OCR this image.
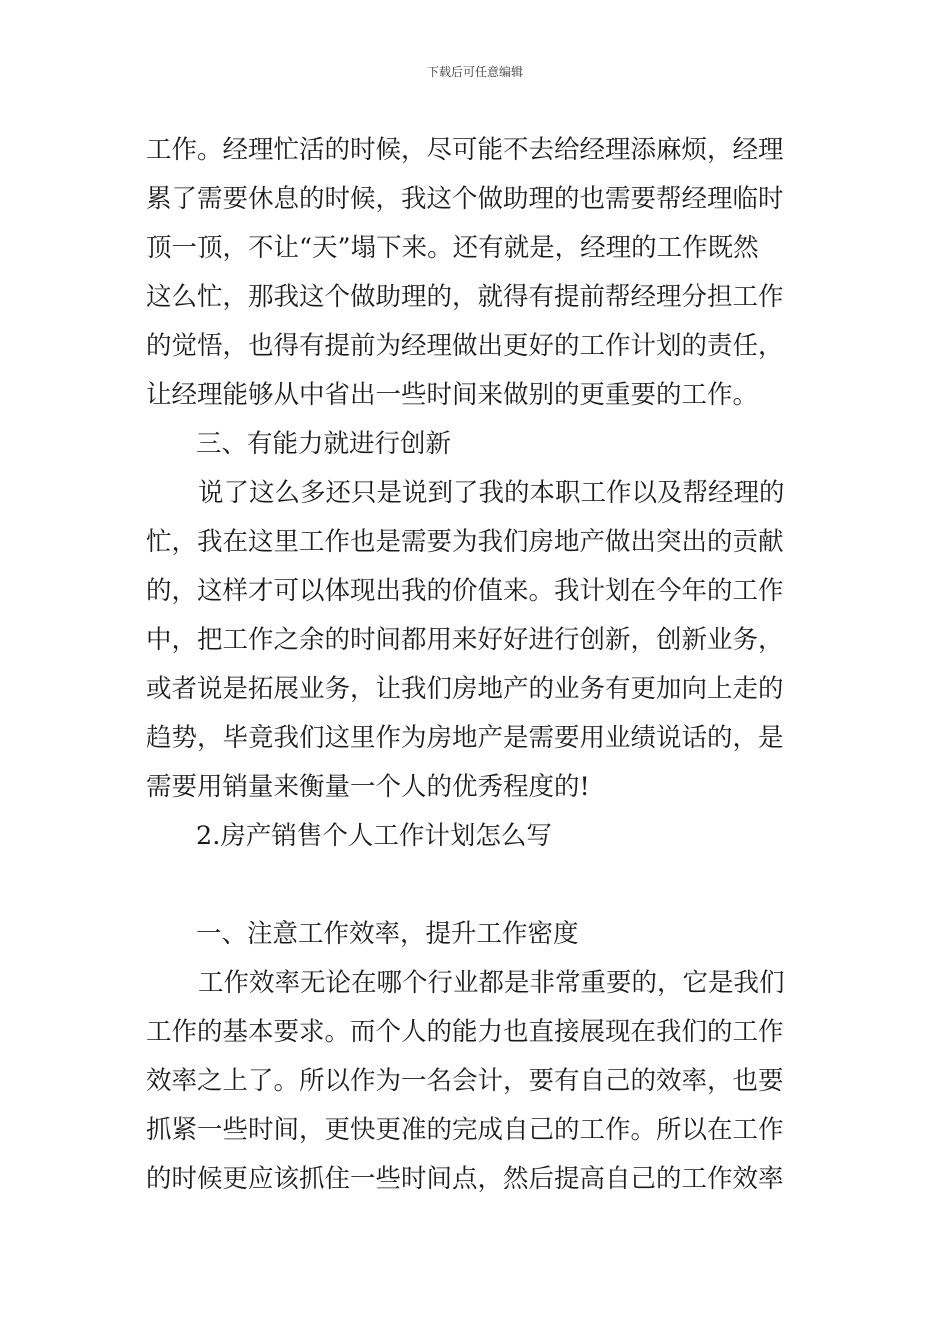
下载后可任意编辑
工作。经理忙活的时候，尽可能不去给经理添麻烦，经理
累了需要休息的时候，我这个做助理的也需要帮经理临时
顶一顶，不让“天”塌下来。还有就是，经理的工作既然
这么忙，那我这个做助理的，就得有提前帮经理分担工作
的觉悟，也得有提前为经理做出更好的工作计划的责任，
让经理能够从中省出一些时间来做别的更重要的工作。
三、有能力就进行创新
说了这么多还只是说到了我的本职工作以及帮经理的
忙，我在这里工作也是需要为我们房地产做出突出的贡献
的，这样才可以体现出我的价值来。我计划在今年的工作
中，把工作之余的时间都用来好好进行创新，创新业务，
或者说是拓展业务，让我们房地产的业务有更加向上走的
趋势，毕竟我们这里作为房地产是需要用业绩说话的，是
需要用销量来衡量一个人的优秀程度的!
2.房产销售个人工作计划怎么写
一、注意工作效率，提升工作密度
工作效率无论在哪个行业都是非常重要的，它是我们
工作的基本要求。而个人的能力也直接展现在我们的工作
效率之上了。所以作为一名会计，要有自己的效率，也要
抓紧一些时间，更快更准的完成自己的工作。所以在工作
的时候更应该抓住一些时间点，然后提高自己的工作效率
